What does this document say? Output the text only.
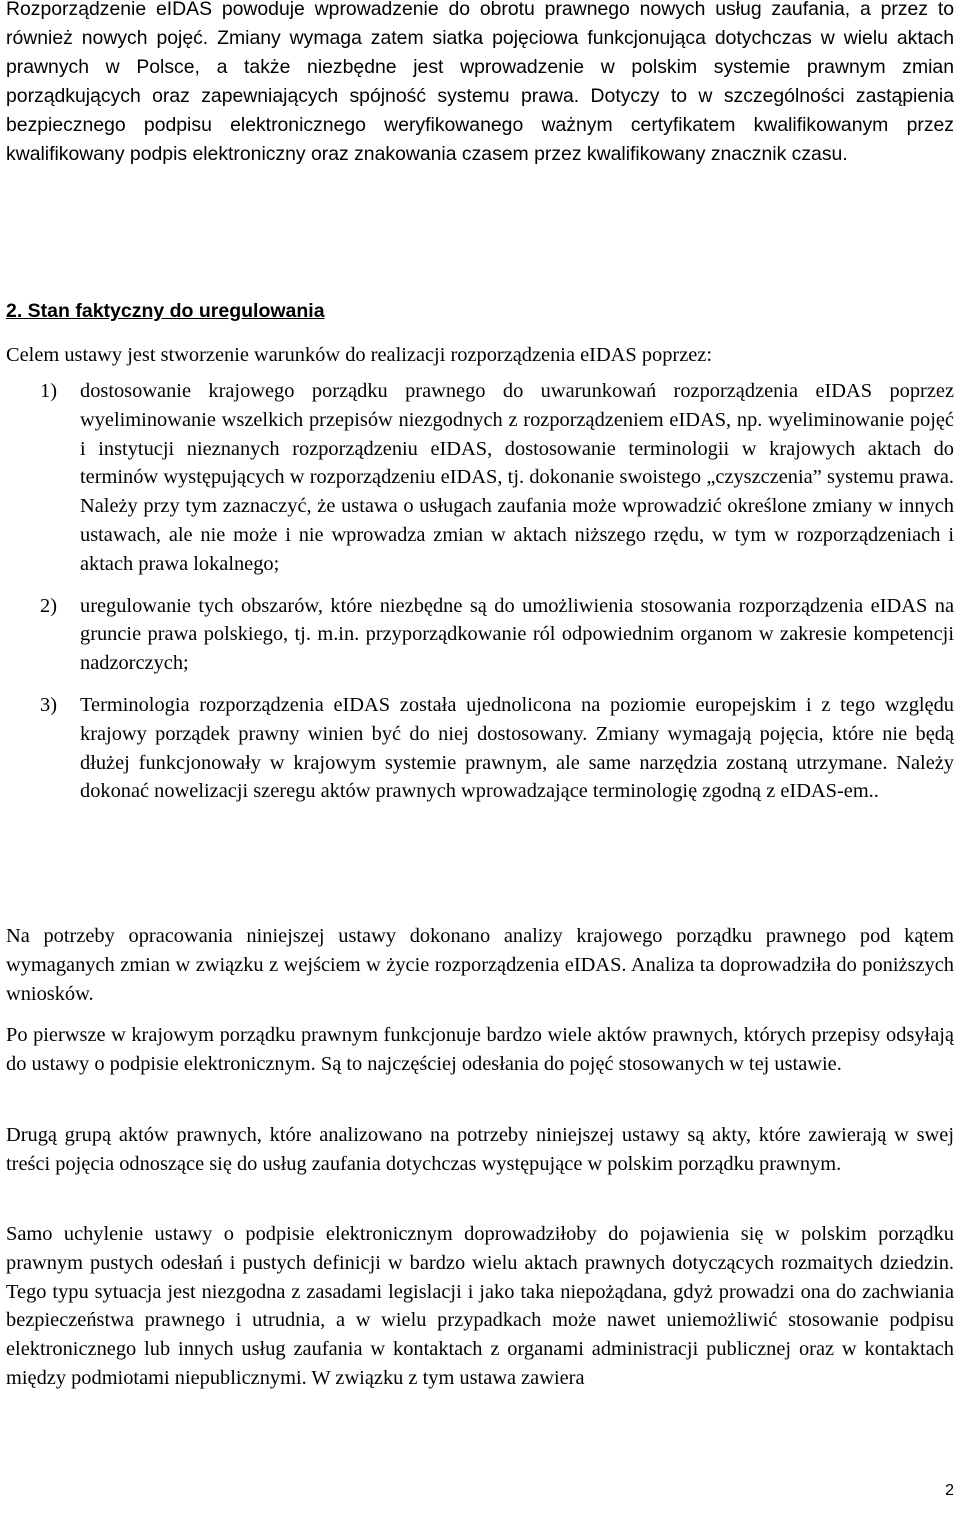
Rozporządzenie eIDAS powoduje wprowadzenie do obrotu prawnego nowych usług zaufania, a przez to również nowych pojęć. Zmiany wymaga zatem siatka pojęciowa funkcjonująca dotychczas w wielu aktach prawnych w Polsce, a także niezbędne jest wprowadzenie w polskim systemie prawnym zmian porządkujących oraz zapewniających spójność systemu prawa. Dotyczy to w szczególności zastąpienia bezpiecznego podpisu elektronicznego weryfikowanego ważnym certyfikatem kwalifikowanym przez kwalifikowany podpis elektroniczny oraz znakowania czasem przez kwalifikowany znacznik czasu.

2. Stan faktyczny do uregulowania

Celem ustawy jest stworzenie warunków do realizacji rozporządzenia eIDAS poprzez:

1) dostosowanie krajowego porządku prawnego do uwarunkowań rozporządzenia eIDAS poprzez wyeliminowanie wszelkich przepisów niezgodnych z rozporządzeniem eIDAS, np. wyeliminowanie pojęć i instytucji nieznanych rozporządzeniu eIDAS, dostosowanie terminologii w krajowych aktach do terminów występujących w rozporządzeniu eIDAS, tj. dokonanie swoistego „czyszczenia” systemu prawa. Należy przy tym zaznaczyć, że ustawa o usługach zaufania może wprowadzić określone zmiany w innych ustawach, ale nie może i nie wprowadza zmian w aktach niższego rzędu, w tym w rozporządzeniach i aktach prawa lokalnego;

2) uregulowanie tych obszarów, które niezbędne są do umożliwienia stosowania rozporządzenia eIDAS na gruncie prawa polskiego, tj. m.in. przyporządkowanie ról odpowiednim organom w zakresie kompetencji nadzorczych;

3) Terminologia rozporządzenia eIDAS została ujednolicona na poziomie europejskim i z tego względu krajowy porządek prawny winien być do niej dostosowany. Zmiany wymagają pojęcia, które nie będą dłużej funkcjonowały w krajowym systemie prawnym, ale same narzędzia zostaną utrzymane. Należy dokonać nowelizacji szeregu aktów prawnych wprowadzające terminologię zgodną z eIDAS-em..

Na potrzeby opracowania niniejszej ustawy dokonano analizy krajowego porządku prawnego pod kątem wymaganych zmian w związku z wejściem w życie rozporządzenia eIDAS. Analiza ta doprowadziła do poniższych wniosków.

Po pierwsze w krajowym porządku prawnym funkcjonuje bardzo wiele aktów prawnych, których przepisy odsyłają do ustawy o podpisie elektronicznym. Są to najczęściej odesłania do pojęć stosowanych w tej ustawie.

Drugą grupą aktów prawnych, które analizowano na potrzeby niniejszej ustawy są akty, które zawierają w swej treści pojęcia odnoszące się do usług zaufania dotychczas występujące w polskim porządku prawnym.

Samo uchylenie ustawy o podpisie elektronicznym doprowadziłoby do pojawienia się w polskim porządku prawnym pustych odesłań i pustych definicji w bardzo wielu aktach prawnych dotyczących rozmaitych dziedzin. Tego typu sytuacja jest niezgodna z zasadami legislacji i jako taka niepożądana, gdyż prowadzi ona do zachwiania bezpieczeństwa prawnego i utrudnia, a w wielu przypadkach może nawet uniemożliwić stosowanie podpisu elektronicznego lub innych usług zaufania w kontaktach z organami administracji publicznej oraz w kontaktach między podmiotami niepublicznymi. W związku z tym ustawa zawiera

2
